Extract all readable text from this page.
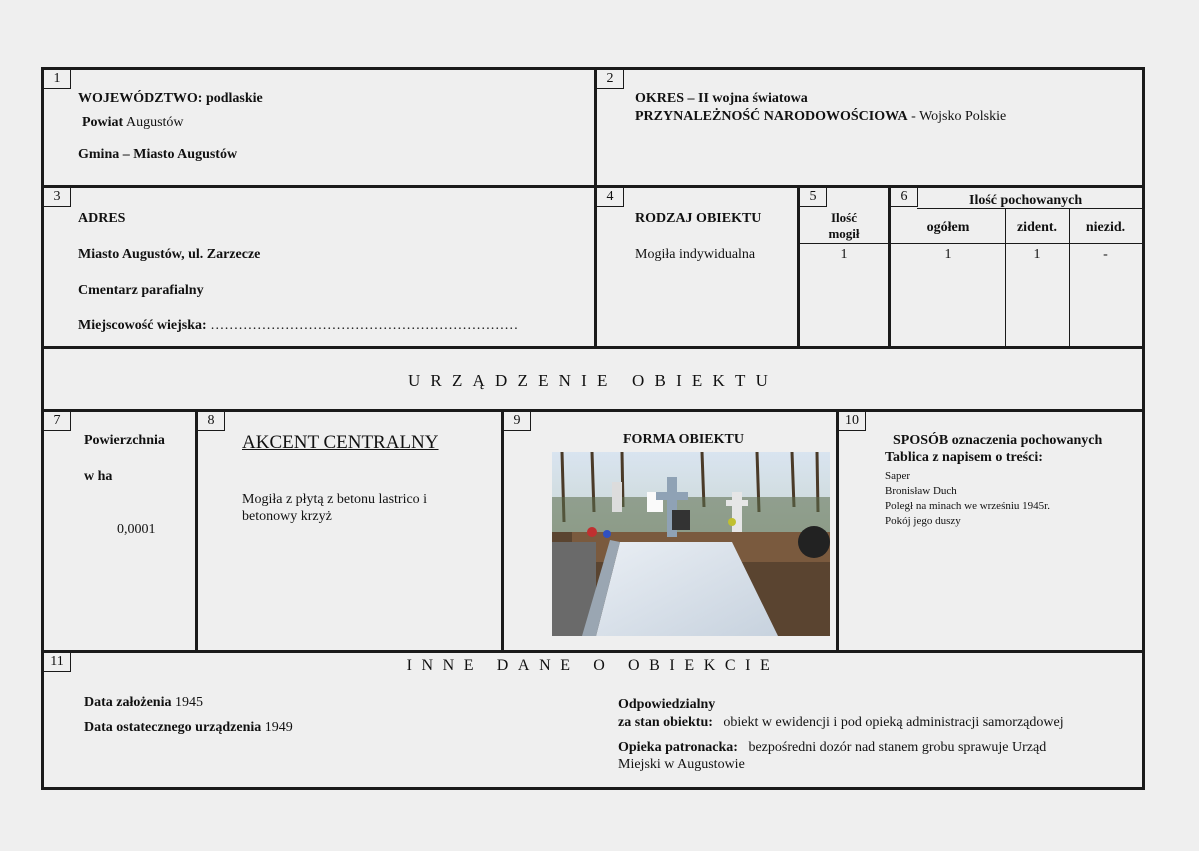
1
WOJEWÓDZTWO: podlaskie
Powiat Augustów
Gmina – Miasto Augustów
2
OKRES – II wojna światowa
PRZYNALEŻNOŚĆ NARODOWOŚCIOWA - Wojsko Polskie
3
ADRES
Miasto Augustów, ul. Zarzecze
Cmentarz parafialny
Miejscowość wiejska: …………………………………………………………
4
RODZAJ OBIEKTU
Mogiła indywidualna
5
Ilość
mogił
1
6	Ilość pochowanych
ogółem	zident.	niezid.
1	1	-
URZĄDZENIE OBIEKTU
7
Powierzchnia
w ha
0,0001
8
AKCENT CENTRALNY
Mogiła z płytą z betonu lastrico i
betonowy krzyż
9
FORMA OBIEKTU
10
SPOSÓB oznaczenia pochowanych
Tablica z napisem o treści:
Saper
Bronisław Duch
Poległ na minach we wrześniu 1945r.
Pokój jego duszy
11	INNE DANE O OBIEKCIE
Data założenia 1945
Data ostatecznego urządzenia 1949
Odpowiedzialny
za stan obiektu: obiekt w ewidencji i pod opieką administracji samorządowej
Opieka patronacka: bezpośredni dozór nad stanem grobu sprawuje Urząd
Miejski w Augustowie
